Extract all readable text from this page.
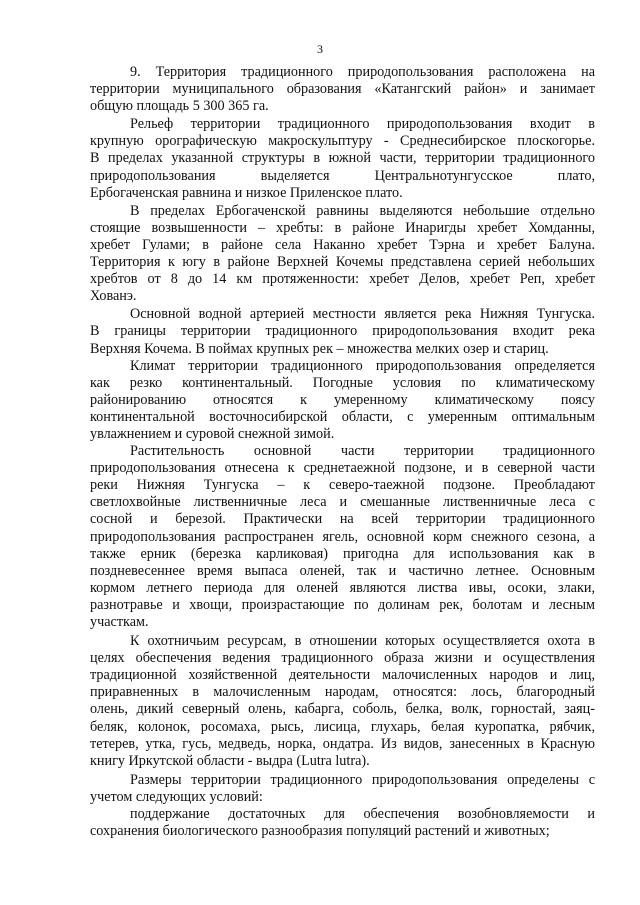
3

9. Территория традиционного природопользования расположена на
территории муниципального образования «Катангский район» и занимает
общую площадь 5 300 365 га.

Рельеф территории традиционного природопользования входит в
крупную орографическую макроскульптуру - Среднесибирское плоскогорье.
В пределах указанной структуры в южной части, территории традиционного
природопользования выделяется Центральнотунгусское плато,
Ербогаченская равнина и низкое Приленское плато.

В пределах Ербогаченской равнины выделяются небольшие отдельно
стоящие возвышенности – хребты: в районе Инаригды хребет Хомданны,
хребет Гулами; в районе села Наканно хребет Тэрна и хребет Балуна.
Территория к югу в районе Верхней Кочемы представлена серией небольших
хребтов от 8 до 14 км протяженности: хребет Делов, хребет Реп, хребет
Хованэ.

Основной водной артерией местности является река Нижняя Тунгуска.
В границы территории традиционного природопользования входит река
Верхняя Кочема. В поймах крупных рек – множества мелких озер и стариц.

Климат территории традиционного природопользования определяется
как резко континентальный. Погодные условия по климатическому
районированию относятся к умеренному климатическому поясу
континентальной восточносибирской области, с умеренным оптимальным
увлажнением и суровой снежной зимой.

Растительность основной части территории традиционного
природопользования отнесена к среднетаежной подзоне, и в северной части
реки Нижняя Тунгуска – к северо-таежной подзоне. Преобладают
светлохвойные лиственничные леса и смешанные лиственничные леса с
сосной и березой. Практически на всей территории традиционного
природопользования распространен ягель, основной корм снежного сезона, а
также ерник (березка карликовая) пригодна для использования как в
поздневесеннее время выпаса оленей, так и частично летнее. Основным
кормом летнего периода для оленей являются листва ивы, осоки, злаки,
разнотравье и хвощи, произрастающие по долинам рек, болотам и лесным
участкам.

К охотничьим ресурсам, в отношении которых осуществляется охота в
целях обеспечения ведения традиционного образа жизни и осуществления
традиционной хозяйственной деятельности малочисленных народов и лиц,
приравненных в малочисленным народам, относятся: лось, благородный
олень, дикий северный олень, кабарга, соболь, белка, волк, горностай, заяц-
беляк, колонок, росомаха, рысь, лисица, глухарь, белая куропатка, рябчик,
тетерев, утка, гусь, медведь, норка, ондатра. Из видов, занесенных в Красную
книгу Иркутской области - выдра (Lutra lutra).

Размеры территории традиционного природопользования определены с
учетом следующих условий:

поддержание достаточных для обеспечения возобновляемости и
сохранения биологического разнообразия популяций растений и животных;
